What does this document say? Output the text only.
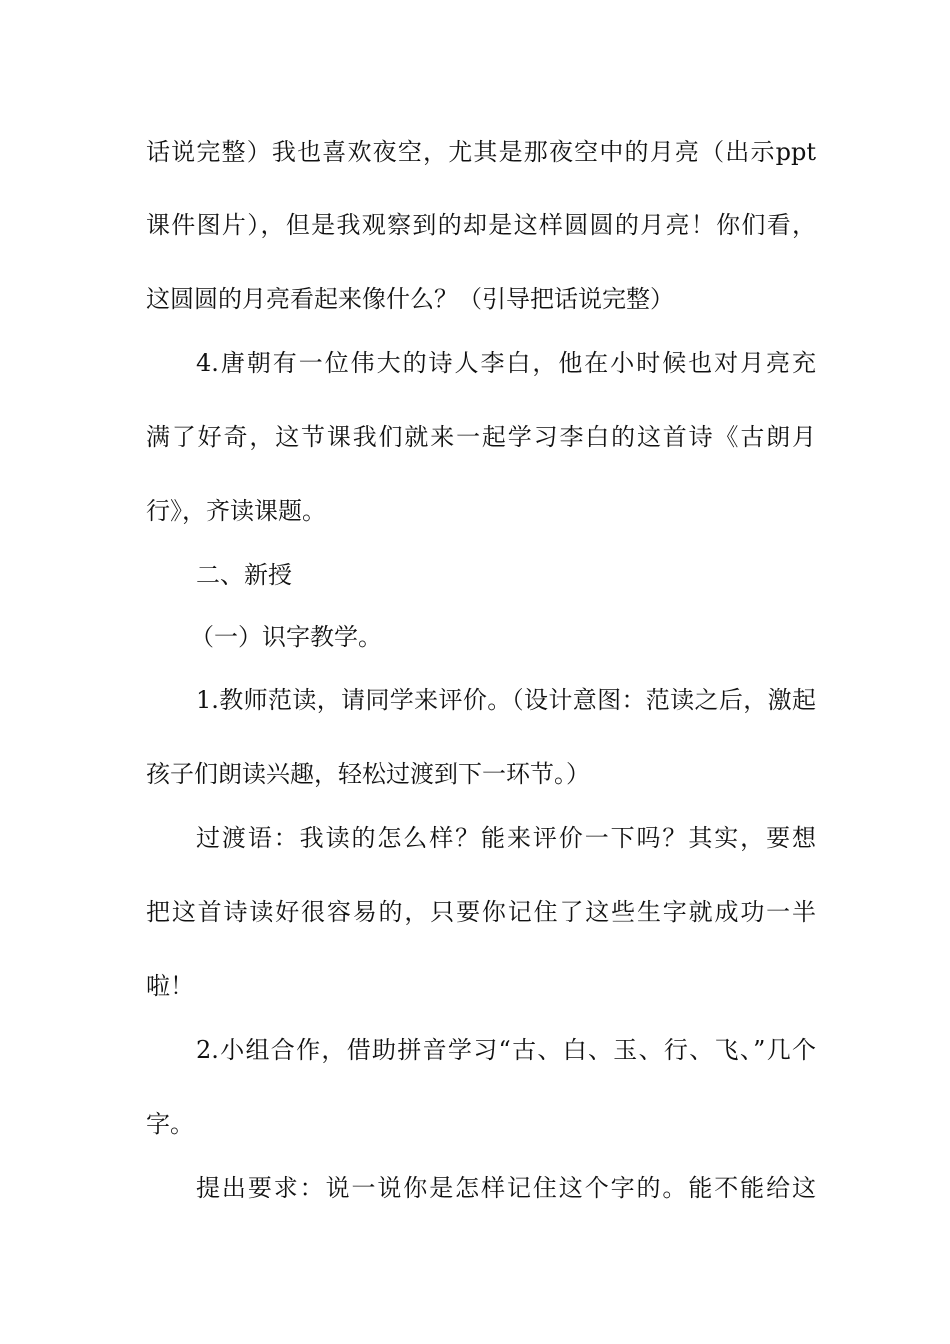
话说完整）我也喜欢夜空，尤其是那夜空中的月亮（出示ppt
课件图片），但是我观察到的却是这样圆圆的月亮！你们看，
这圆圆的月亮看起来像什么？（引导把话说完整）
4.唐朝有一位伟大的诗人李白，他在小时候也对月亮充
满了好奇，这节课我们就来一起学习李白的这首诗《古朗月
行》，齐读课题。
二、新授
（一）识字教学。
1.教师范读，请同学来评价。（设计意图：范读之后，激起
孩子们朗读兴趣，轻松过渡到下一环节。）
过渡语：我读的怎么样？能来评价一下吗？其实，要想
把这首诗读好很容易的，只要你记住了这些生字就成功一半
啦！
2.小组合作，借助拼音学习“古、白、玉、行、飞、”几个
字。
提出要求：说一说你是怎样记住这个字的。能不能给这
